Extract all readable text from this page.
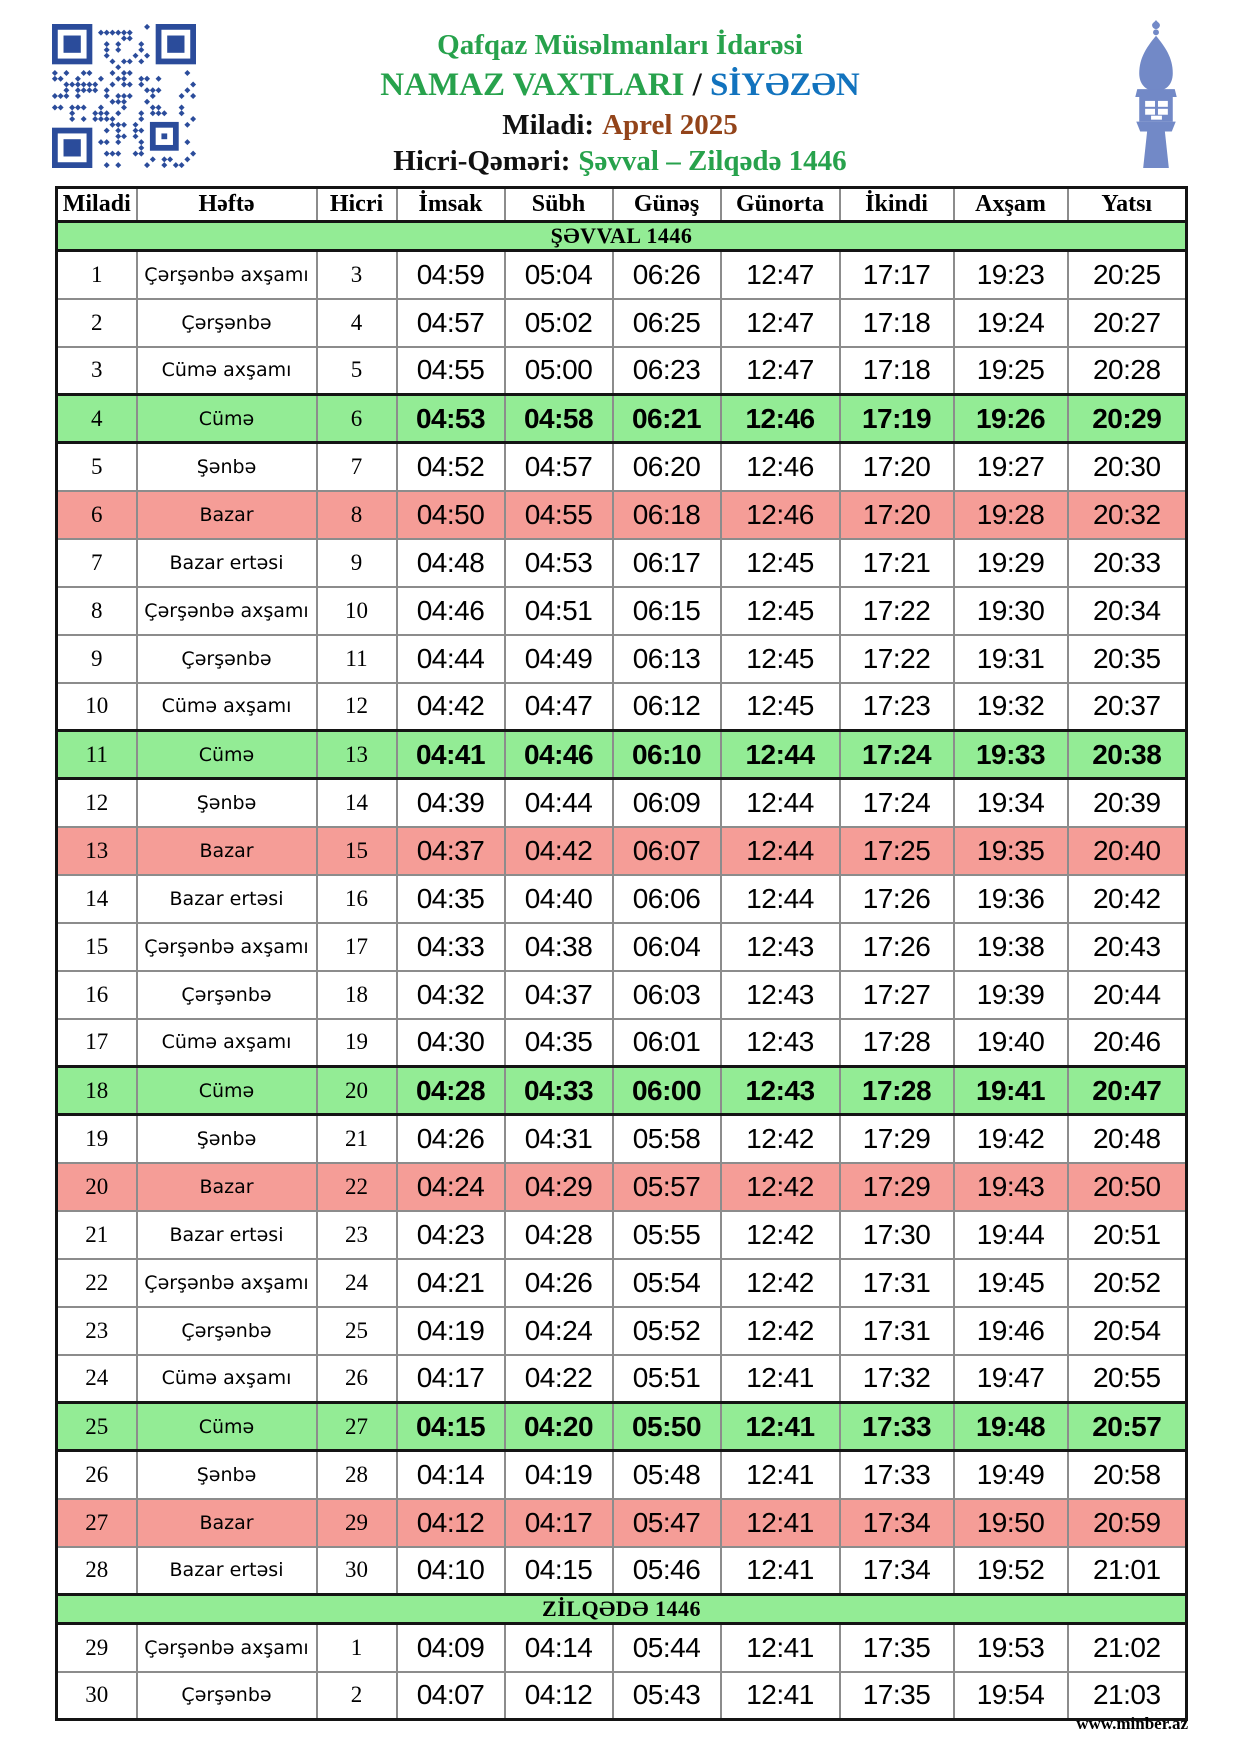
Qafqaz Müsəlmanları İdarəsi
NAMAZ VAXTLARI / SİYƏZƏN
Miladi: Aprel 2025
Hicri-Qəməri: Şəvval – Zilqədə 1446
Miladi	Həftə	Hicri	İmsak	Sübh	Günəş	Günorta	İkindi	Axşam	Yatsı
ŞƏVVAL 1446									
1	Çərşənbə axşamı	3	04:59	05:04	06:26	12:47	17:17	19:23	20:25
2	Çərşənbə	4	04:57	05:02	06:25	12:47	17:18	19:24	20:27
3	Cümə axşamı	5	04:55	05:00	06:23	12:47	17:18	19:25	20:28
4	Cümə	6	04:53	04:58	06:21	12:46	17:19	19:26	20:29
5	Şənbə	7	04:52	04:57	06:20	12:46	17:20	19:27	20:30
6	Bazar	8	04:50	04:55	06:18	12:46	17:20	19:28	20:32
7	Bazar ertəsi	9	04:48	04:53	06:17	12:45	17:21	19:29	20:33
8	Çərşənbə axşamı	10	04:46	04:51	06:15	12:45	17:22	19:30	20:34
9	Çərşənbə	11	04:44	04:49	06:13	12:45	17:22	19:31	20:35
10	Cümə axşamı	12	04:42	04:47	06:12	12:45	17:23	19:32	20:37
11	Cümə	13	04:41	04:46	06:10	12:44	17:24	19:33	20:38
12	Şənbə	14	04:39	04:44	06:09	12:44	17:24	19:34	20:39
13	Bazar	15	04:37	04:42	06:07	12:44	17:25	19:35	20:40
14	Bazar ertəsi	16	04:35	04:40	06:06	12:44	17:26	19:36	20:42
15	Çərşənbə axşamı	17	04:33	04:38	06:04	12:43	17:26	19:38	20:43
16	Çərşənbə	18	04:32	04:37	06:03	12:43	17:27	19:39	20:44
17	Cümə axşamı	19	04:30	04:35	06:01	12:43	17:28	19:40	20:46
18	Cümə	20	04:28	04:33	06:00	12:43	17:28	19:41	20:47
19	Şənbə	21	04:26	04:31	05:58	12:42	17:29	19:42	20:48
20	Bazar	22	04:24	04:29	05:57	12:42	17:29	19:43	20:50
21	Bazar ertəsi	23	04:23	04:28	05:55	12:42	17:30	19:44	20:51
22	Çərşənbə axşamı	24	04:21	04:26	05:54	12:42	17:31	19:45	20:52
23	Çərşənbə	25	04:19	04:24	05:52	12:42	17:31	19:46	20:54
24	Cümə axşamı	26	04:17	04:22	05:51	12:41	17:32	19:47	20:55
25	Cümə	27	04:15	04:20	05:50	12:41	17:33	19:48	20:57
26	Şənbə	28	04:14	04:19	05:48	12:41	17:33	19:49	20:58
27	Bazar	29	04:12	04:17	05:47	12:41	17:34	19:50	20:59
28	Bazar ertəsi	30	04:10	04:15	05:46	12:41	17:34	19:52	21:01
ZİLQƏDƏ 1446									
29	Çərşənbə axşamı	1	04:09	04:14	05:44	12:41	17:35	19:53	21:02
30	Çərşənbə	2	04:07	04:12	05:43	12:41	17:35	19:54	21:03
www.minber.az
